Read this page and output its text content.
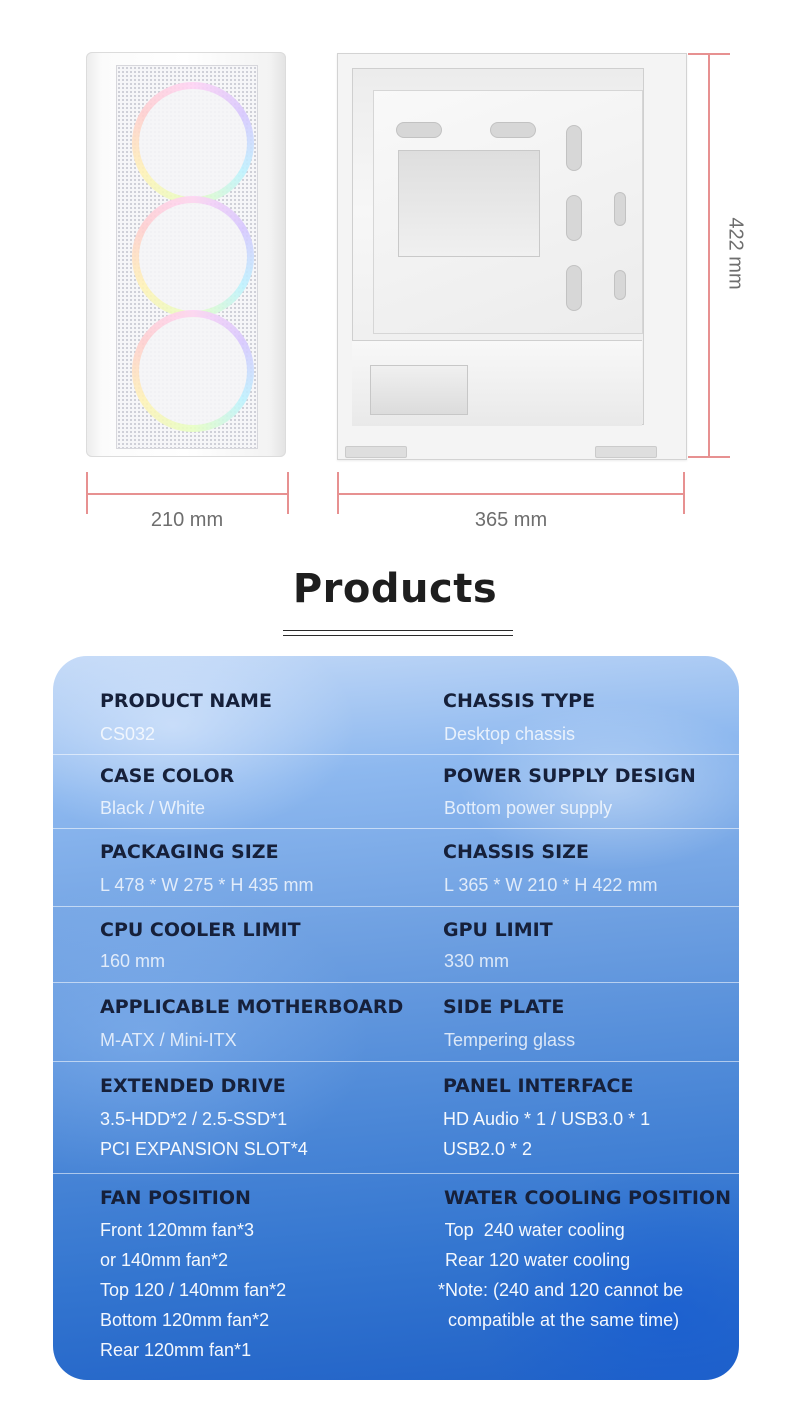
210 mm	365 mm
422 mm
Products
PRODUCT NAME
CS032
CHASSIS TYPE
Desktop chassis
CASE COLOR
Black / White
POWER SUPPLY DESIGN
Bottom power supply
PACKAGING SIZE
L 478 * W 275 * H 435 mm
CHASSIS SIZE
L 365 * W 210 * H 422 mm
CPU COOLER LIMIT
160 mm
GPU LIMIT
330 mm
APPLICABLE MOTHERBOARD
M-ATX / Mini-ITX
SIDE PLATE
Tempering glass
EXTENDED DRIVE
3.5-HDD*2 / 2.5-SSD*1
PCI EXPANSION SLOT*4
PANEL INTERFACE
HD Audio * 1 / USB3.0 * 1
USB2.0 * 2
FAN POSITION
Front 120mm fan*3
or 140mm fan*2
Top 120 / 140mm fan*2
Bottom 120mm fan*2
Rear 120mm fan*1
WATER COOLING POSITION
Top  240 water cooling
Rear 120 water cooling
*Note: (240 and 120 cannot be
compatible at the same time)
